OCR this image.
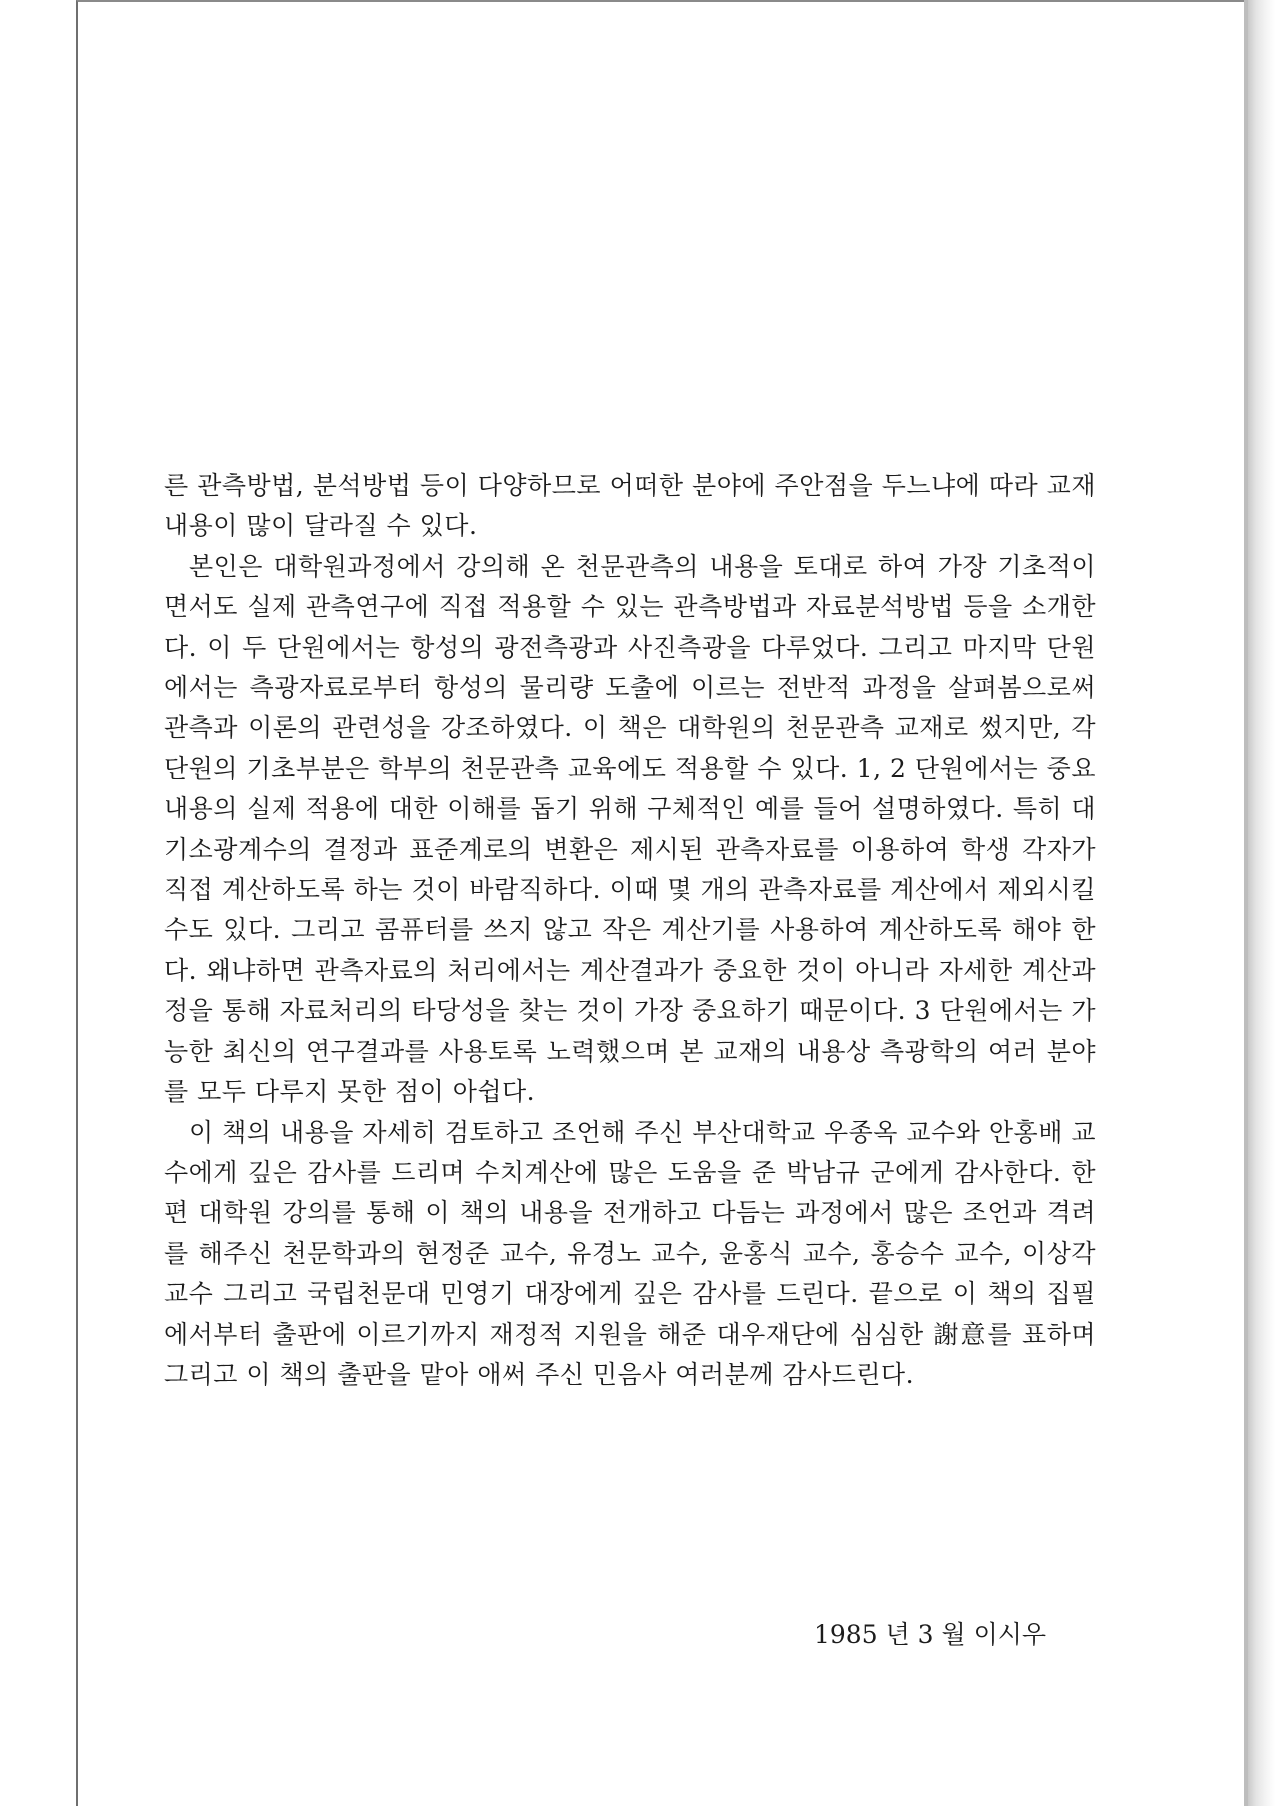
른 관측방법, 분석방법 등이 다양하므로 어떠한 분야에 주안점을 두느냐에 따라 교재내용이 많이 달라질 수 있다.

본인은 대학원과정에서 강의해 온 천문관측의 내용을 토대로 하여 가장 기초적이면서도 실제 관측연구에 직접 적용할 수 있는 관측방법과 자료분석방법 등을 소개한다. 이 두 단원에서는 항성의 광전측광과 사진측광을 다루었다. 그리고 마지막 단원에서는 측광자료로부터 항성의 물리량 도출에 이르는 전반적 과정을 살펴봄으로써 관측과 이론의 관련성을 강조하였다. 이 책은 대학원의 천문관측 교재로 썼지만, 각 단원의 기초부분은 학부의 천문관측 교육에도 적용할 수 있다. 1, 2 단원에서는 중요내용의 실제 적용에 대한 이해를 돕기 위해 구체적인 예를 들어 설명하였다. 특히 대기소광계수의 결정과 표준계로의 변환은 제시된 관측자료를 이용하여 학생 각자가 직접 계산하도록 하는 것이 바람직하다. 이때 몇 개의 관측자료를 계산에서 제외시킬 수도 있다. 그리고 콤퓨터를 쓰지 않고 작은 계산기를 사용하여 계산하도록 해야 한다. 왜냐하면 관측자료의 처리에서는 계산결과가 중요한 것이 아니라 자세한 계산과정을 통해 자료처리의 타당성을 찾는 것이 가장 중요하기 때문이다. 3 단원에서는 가능한 최신의 연구결과를 사용토록 노력했으며 본 교재의 내용상 측광학의 여러 분야를 모두 다루지 못한 점이 아쉽다.

이 책의 내용을 자세히 검토하고 조언해 주신 부산대학교 우종옥 교수와 안홍배 교수에게 깊은 감사를 드리며 수치계산에 많은 도움을 준 박남규 군에게 감사한다. 한편 대학원 강의를 통해 이 책의 내용을 전개하고 다듬는 과정에서 많은 조언과 격려를 해주신 천문학과의 현정준 교수, 유경노 교수, 윤홍식 교수, 홍승수 교수, 이상각 교수 그리고 국립천문대 민영기 대장에게 깊은 감사를 드린다. 끝으로 이 책의 집필에서부터 출판에 이르기까지 재정적 지원을 해준 대우재단에 심심한 謝意를 표하며 그리고 이 책의 출판을 맡아 애써 주신 민음사 여러분께 감사드린다.

1985 년 3 월 이시우
